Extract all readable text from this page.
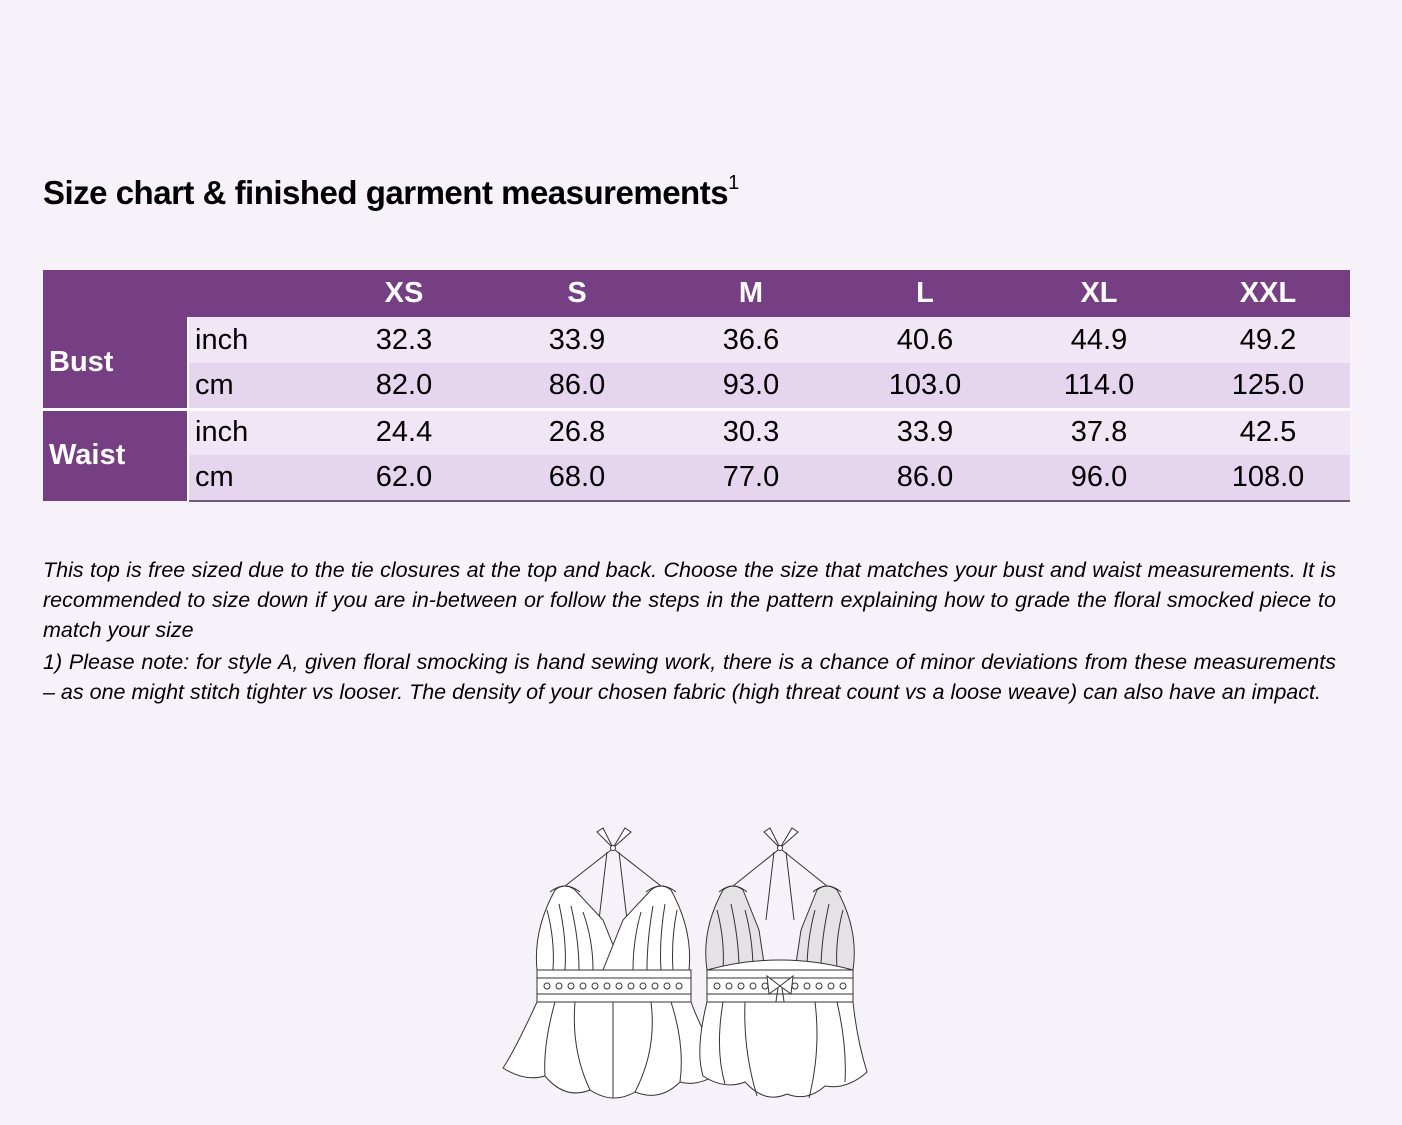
Size chart & finished garment measurements$^1$
		XS	S	M	L	XL	XXL
Bust	inch	32.3	33.9	36.6	40.6	44.9	49.2
	cm	82.0	86.0	93.0	103.0	114.0	125.0
Waist	inch	24.4	26.8	30.3	33.9	37.8	42.5
	cm	62.0	68.0	77.0	86.0	96.0	108.0

This top is free sized due to the tie closures at the top and back. Choose the size that matches your bust and waist measurements. It is recommended to size down if you are in-between or follow the steps in the pattern explaining how to grade the floral smocked piece to match your size

1) Please note: for style A, given floral smocking is hand sewing work, there is a chance of minor deviations from these measurements – as one might stitch tighter vs looser. The density of your chosen fabric (high threat count vs a loose weave) can also have an impact.
